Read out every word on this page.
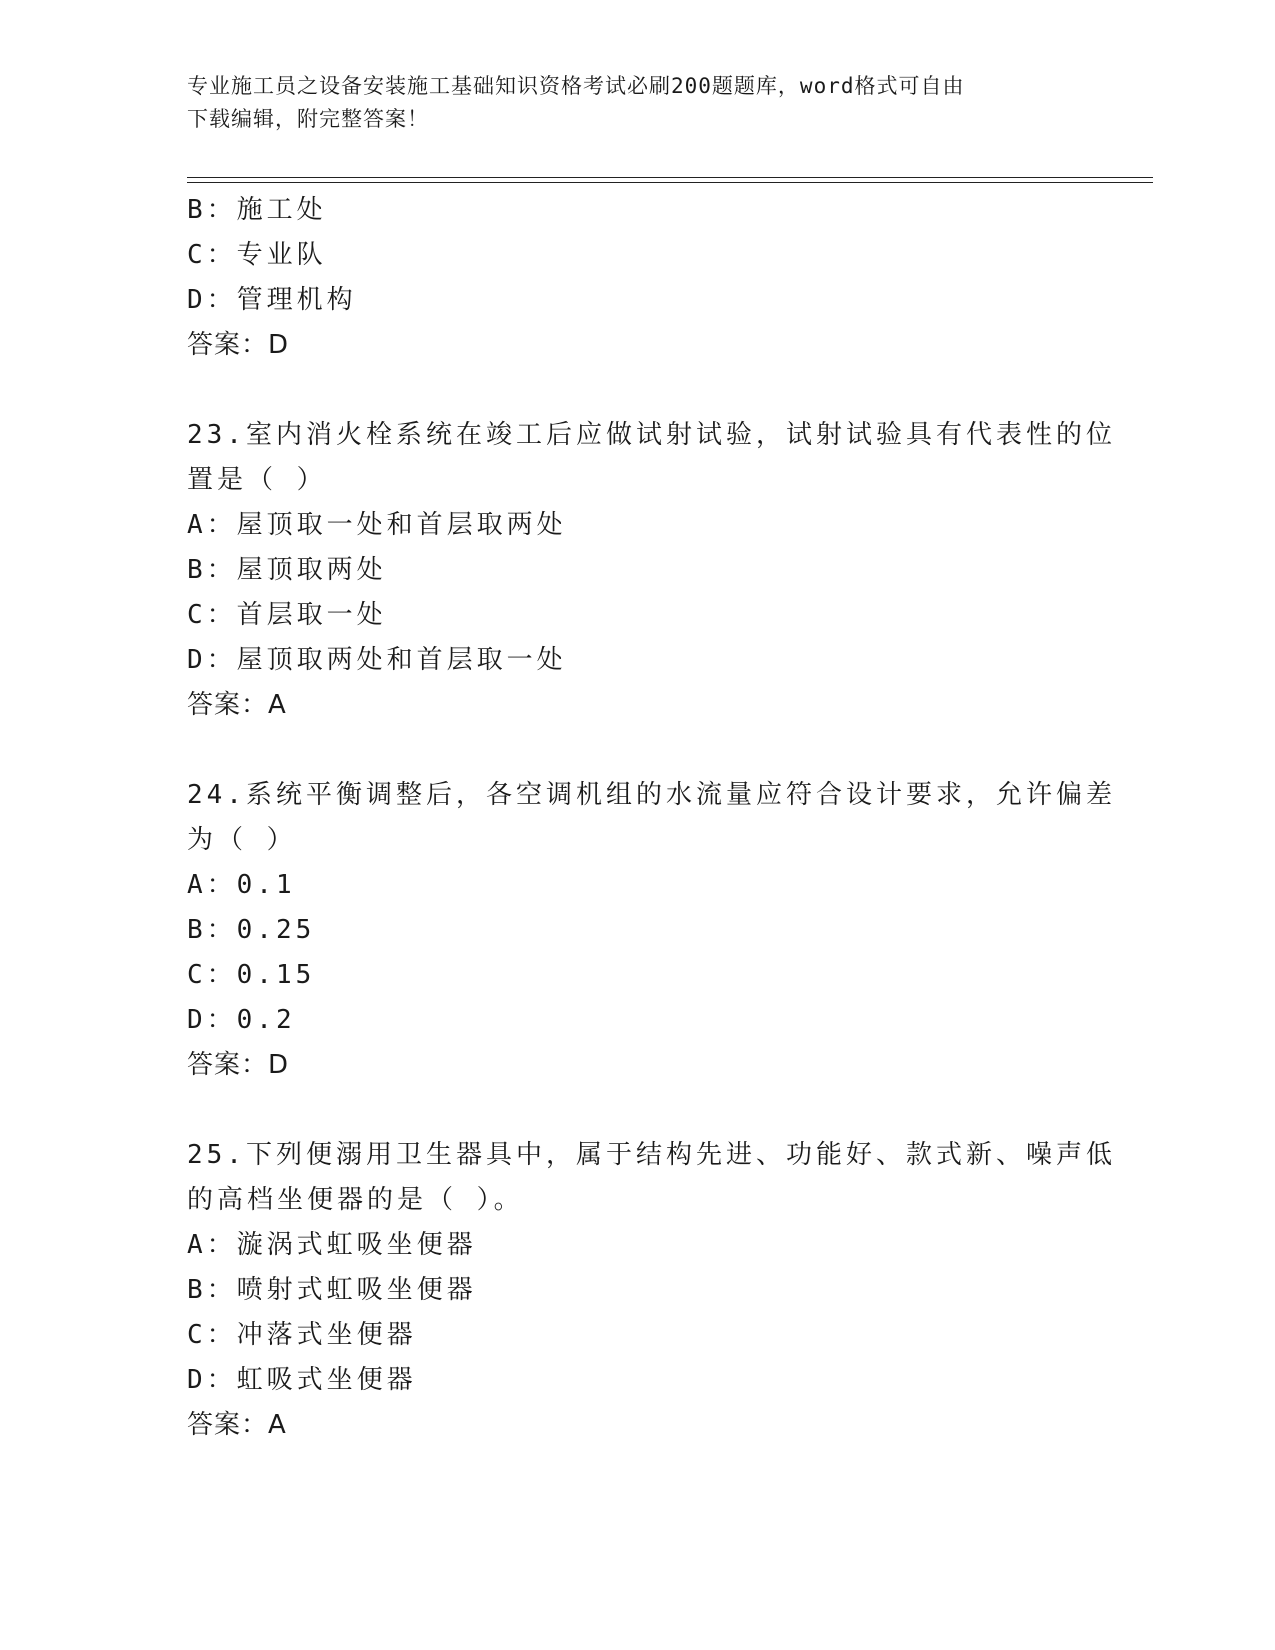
专业施工员之设备安装施工基础知识资格考试必刷200题题库，word格式可自由
下载编辑，附完整答案！
B：施工处
C：专业队
D：管理机构
答案：D
23.室内消火栓系统在竣工后应做试射试验，试射试验具有代表性的位
置是（ ）
A：屋顶取一处和首层取两处
B：屋顶取两处
C：首层取一处
D：屋顶取两处和首层取一处
答案：A
24.系统平衡调整后，各空调机组的水流量应符合设计要求，允许偏差
为（ ）
A：0.1
B：0.25
C：0.15
D：0.2
答案：D
25.下列便溺用卫生器具中，属于结构先进、功能好、款式新、噪声低
的高档坐便器的是（ ）。
A：漩涡式虹吸坐便器
B：喷射式虹吸坐便器
C：冲落式坐便器
D：虹吸式坐便器
答案：A
